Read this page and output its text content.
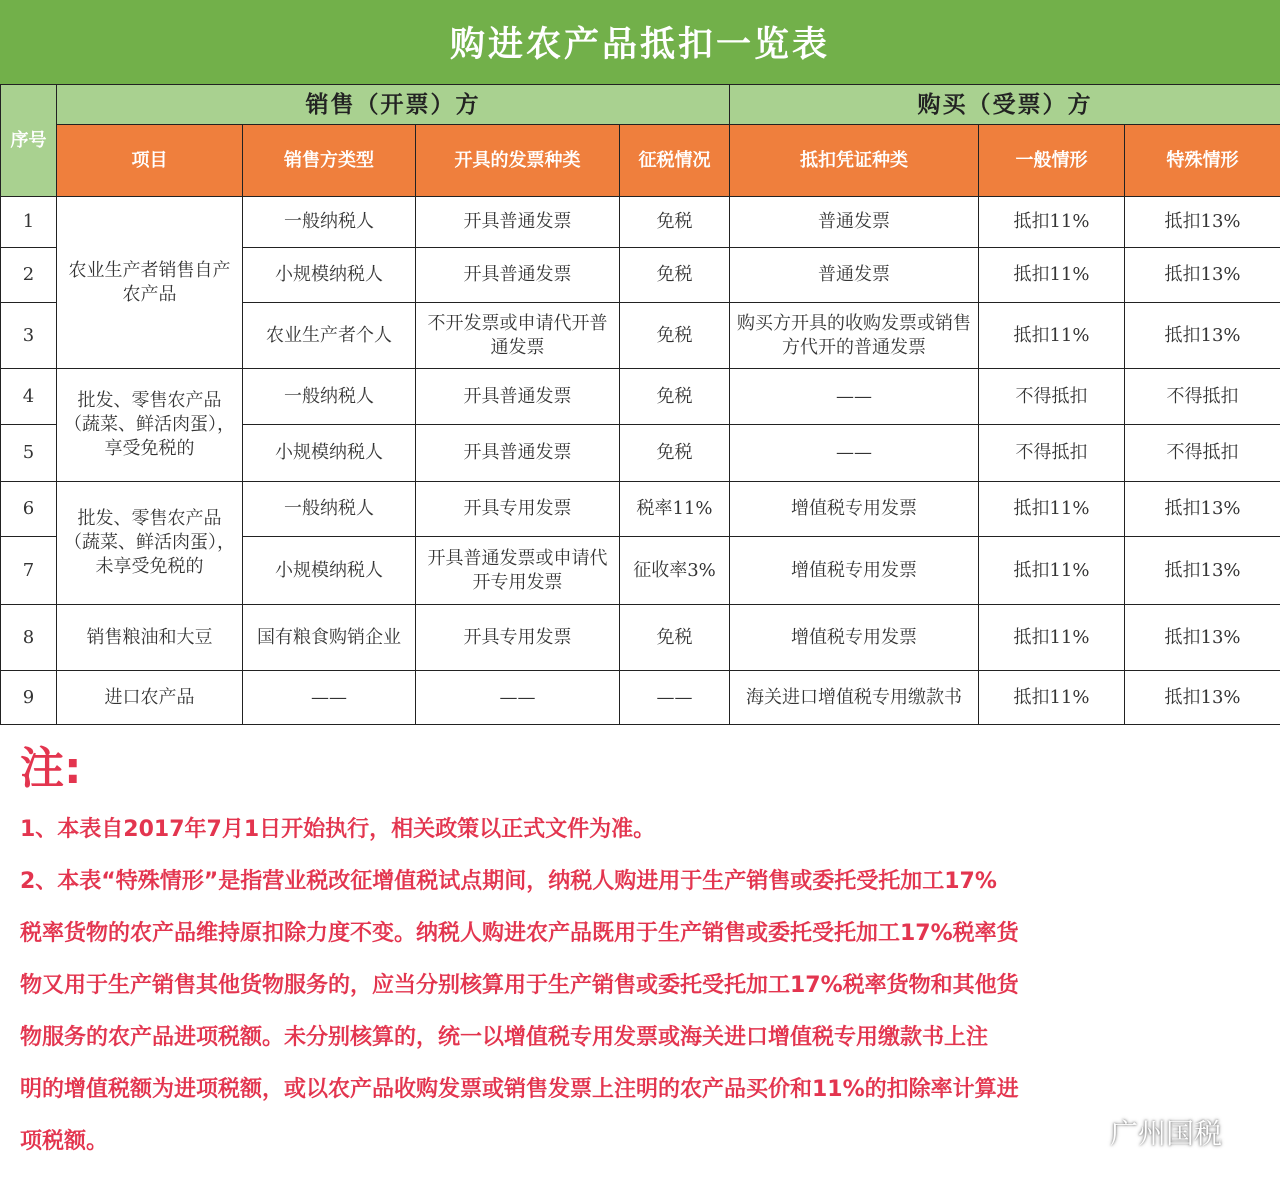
购进农产品抵扣一览表
序号	销售（开票）方				购买（受票）方		
	项目	销售方类型	开具的发票种类	征税情况	抵扣凭证种类	一般情形	特殊情形
1	农业生产者销售自产农产品	一般纳税人	开具普通发票	免税	普通发票	抵扣11%	抵扣13%
2		小规模纳税人	开具普通发票	免税	普通发票	抵扣11%	抵扣13%
3		农业生产者个人	不开发票或申请代开普通发票	免税	购买方开具的收购发票或销售方代开的普通发票	抵扣11%	抵扣13%
4	批发、零售农产品（蔬菜、鲜活肉蛋），享受免税的	一般纳税人	开具普通发票	免税	——	不得抵扣	不得抵扣
5		小规模纳税人	开具普通发票	免税	——	不得抵扣	不得抵扣
6	批发、零售农产品（蔬菜、鲜活肉蛋），未享受免税的	一般纳税人	开具专用发票	税率11%	增值税专用发票	抵扣11%	抵扣13%
7		小规模纳税人	开具普通发票或申请代开专用发票	征收率3%	增值税专用发票	抵扣11%	抵扣13%
8	销售粮油和大豆	国有粮食购销企业	开具专用发票	免税	增值税专用发票	抵扣11%	抵扣13%
9	进口农产品	——	——	——	海关进口增值税专用缴款书	抵扣11%	抵扣13%
注:

1、本表自2017年7月1日开始执行，相关政策以正式文件为准。

2、本表“特殊情形”是指营业税改征增值税试点期间，纳税人购进用于生产销售或委托受托加工17%

税率货物的农产品维持原扣除力度不变。纳税人购进农产品既用于生产销售或委托受托加工17%税率货

物又用于生产销售其他货物服务的，应当分别核算用于生产销售或委托受托加工17%税率货物和其他货

物服务的农产品进项税额。未分别核算的，统一以增值税专用发票或海关进口增值税专用缴款书上注

明的增值税额为进项税额，或以农产品收购发票或销售发票上注明的农产品买价和11%的扣除率计算进

项税额。	广州国税
